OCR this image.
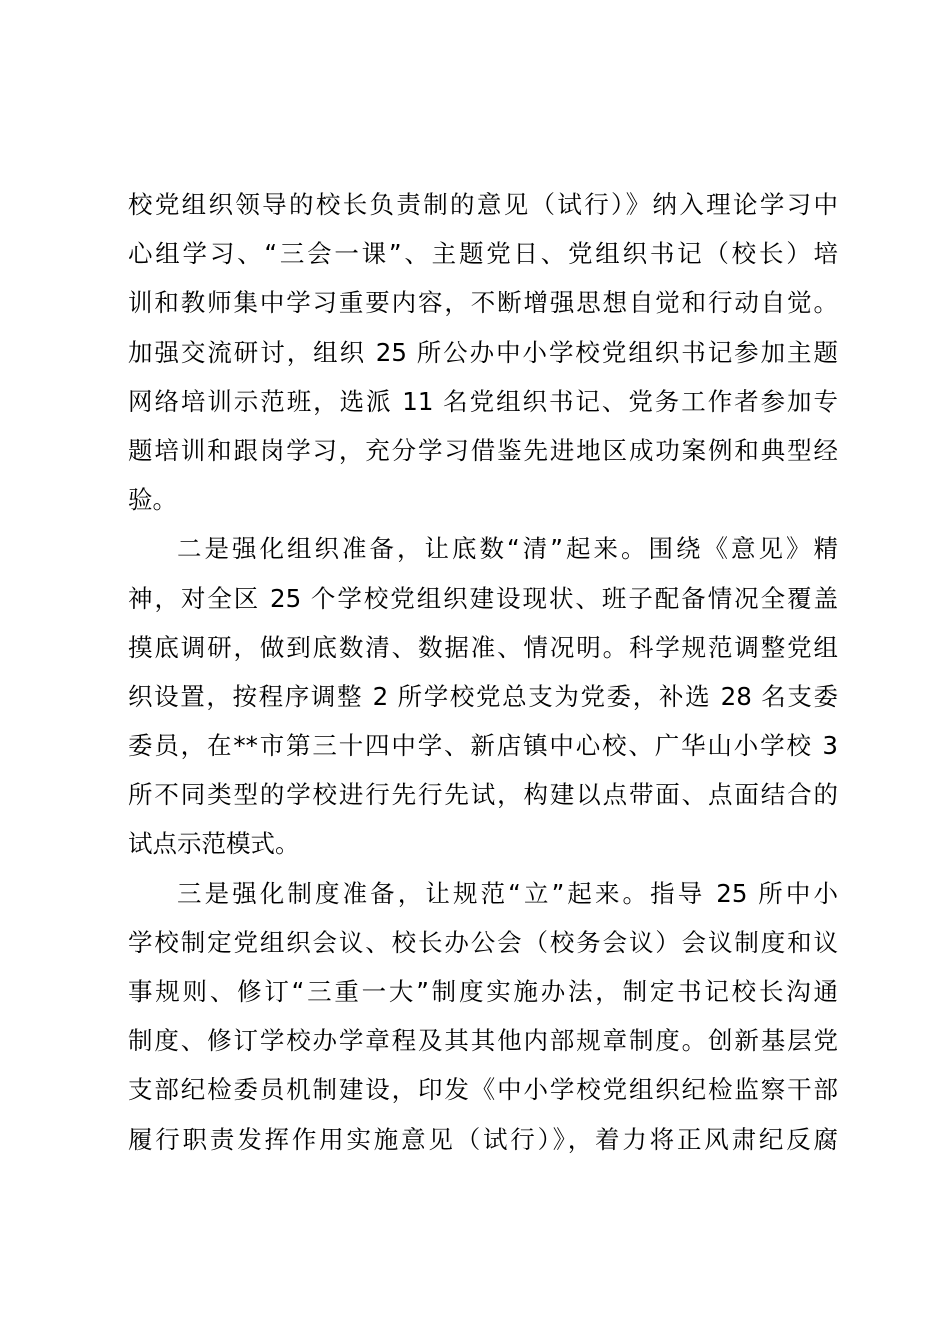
校党组织领导的校长负责制的意见（试行）》纳入理论学习中
心组学习、“三会一课”、主题党日、党组织书记（校长）培
训和教师集中学习重要内容，不断增强思想自觉和行动自觉。
加强交流研讨，组织 25 所公办中小学校党组织书记参加主题
网络培训示范班，选派 11 名党组织书记、党务工作者参加专
题培训和跟岗学习，充分学习借鉴先进地区成功案例和典型经
验。
二是强化组织准备，让底数“清”起来。围绕《意见》精
神，对全区 25 个学校党组织建设现状、班子配备情况全覆盖
摸底调研，做到底数清、数据准、情况明。科学规范调整党组
织设置，按程序调整 2 所学校党总支为党委，补选 28 名支委
委员，在**市第三十四中学、新店镇中心校、广华山小学校 3
所不同类型的学校进行先行先试，构建以点带面、点面结合的
试点示范模式。
三是强化制度准备，让规范“立”起来。指导 25 所中小
学校制定党组织会议、校长办公会（校务会议）会议制度和议
事规则、修订“三重一大”制度实施办法，制定书记校长沟通
制度、修订学校办学章程及其其他内部规章制度。创新基层党
支部纪检委员机制建设，印发《中小学校党组织纪检监察干部
履行职责发挥作用实施意见（试行）》，着力将正风肃纪反腐
